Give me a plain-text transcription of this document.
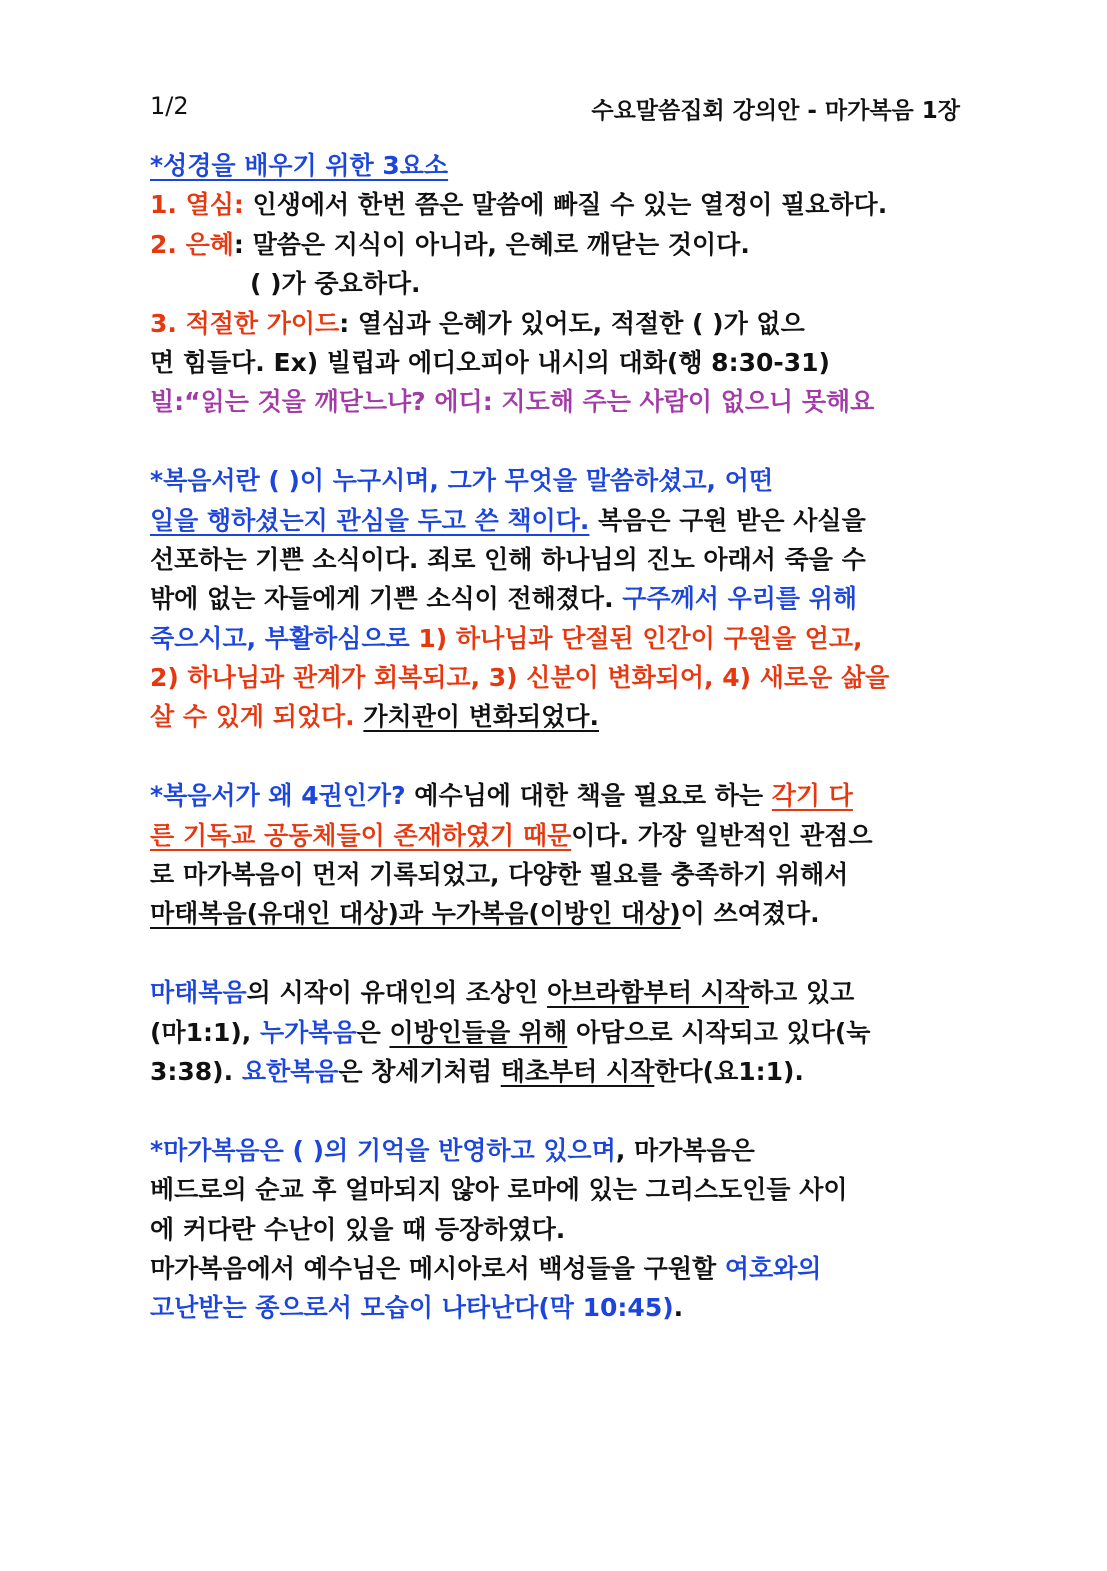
1/2	수요말씀집회 강의안 - 마가복음 1장
*성경을 배우기 위한 3요소
1. 열심: 인생에서 한번 쯤은 말씀에 빠질 수 있는 열정이 필요하다.
2. 은혜: 말씀은 지식이 아니라, 은혜로 깨닫는 것이다.
( )가 중요하다.
3. 적절한 가이드: 열심과 은혜가 있어도, 적절한 ( )가 없으
면 힘들다. Ex) 빌립과 에디오피아 내시의 대화(행 8:30-31)
빌:“읽는 것을 깨닫느냐? 에디: 지도해 주는 사람이 없으니 못해요
*복음서란 ( )이 누구시며, 그가 무엇을 말씀하셨고, 어떤
일을 행하셨는지 관심을 두고 쓴 책이다. 복음은 구원 받은 사실을
선포하는 기쁜 소식이다. 죄로 인해 하나님의 진노 아래서 죽을 수
밖에 없는 자들에게 기쁜 소식이 전해졌다. 구주께서 우리를 위해
죽으시고, 부활하심으로 1) 하나님과 단절된 인간이 구원을 얻고,
2) 하나님과 관계가 회복되고, 3) 신분이 변화되어, 4) 새로운 삶을
살 수 있게 되었다. 가치관이 변화되었다.
*복음서가 왜 4권인가? 예수님에 대한 책을 필요로 하는 각기 다
른 기독교 공동체들이 존재하였기 때문이다. 가장 일반적인 관점으
로 마가복음이 먼저 기록되었고, 다양한 필요를 충족하기 위해서
마태복음(유대인 대상)과 누가복음(이방인 대상)이 쓰여졌다.
마태복음의 시작이 유대인의 조상인 아브라함부터 시작하고 있고
(마1:1), 누가복음은 이방인들을 위해 아담으로 시작되고 있다(눅
3:38). 요한복음은 창세기처럼 태초부터 시작한다(요1:1).
*마가복음은 ( )의 기억을 반영하고 있으며, 마가복음은
베드로의 순교 후 얼마되지 않아 로마에 있는 그리스도인들 사이
에 커다란 수난이 있을 때 등장하였다.
마가복음에서 예수님은 메시아로서 백성들을 구원할 여호와의
고난받는 종으로서 모습이 나타난다(막 10:45).
